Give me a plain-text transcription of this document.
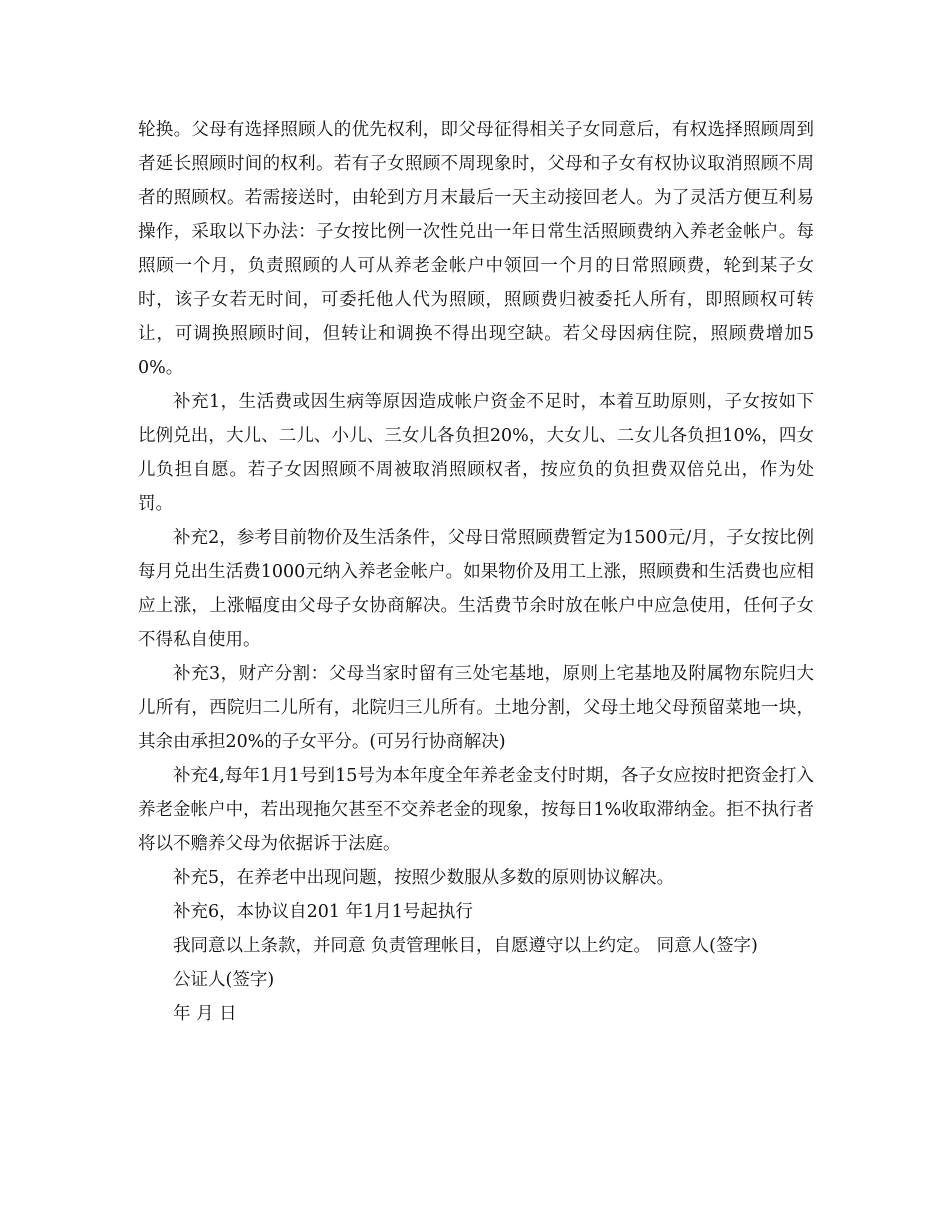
轮换。父母有选择照顾人的优先权利，即父母征得相关子女同意后，有权选择照顾周到者延长照顾时间的权利。若有子女照顾不周现象时，父母和子女有权协议取消照顾不周者的照顾权。若需接送时，由轮到方月末最后一天主动接回老人。为了灵活方便互利易操作，采取以下办法：子女按比例一次性兑出一年日常生活照顾费纳入养老金帐户。每照顾一个月，负责照顾的人可从养老金帐户中领回一个月的日常照顾费，轮到某子女时，该子女若无时间，可委托他人代为照顾，照顾费归被委托人所有，即照顾权可转让，可调换照顾时间，但转让和调换不得出现空缺。若父母因病住院，照顾费增加50%。

补充1，生活费或因生病等原因造成帐户资金不足时，本着互助原则，子女按如下比例兑出，大儿、二儿、小儿、三女儿各负担20%，大女儿、二女儿各负担10%，四女儿负担自愿。若子女因照顾不周被取消照顾权者，按应负的负担费双倍兑出，作为处罚。

补充2，参考目前物价及生活条件，父母日常照顾费暂定为1500元/月，子女按比例每月兑出生活费1000元纳入养老金帐户。如果物价及用工上涨，照顾费和生活费也应相应上涨，上涨幅度由父母子女协商解决。生活费节余时放在帐户中应急使用，任何子女不得私自使用。

补充3，财产分割：父母当家时留有三处宅基地，原则上宅基地及附属物东院归大儿所有，西院归二儿所有，北院归三儿所有。土地分割，父母土地父母预留菜地一块，其余由承担20%的子女平分。(可另行协商解决)

补充4,每年1月1号到15号为本年度全年养老金支付时期，各子女应按时把资金打入养老金帐户中，若出现拖欠甚至不交养老金的现象，按每日1%收取滞纳金。拒不执行者将以不赡养父母为依据诉于法庭。

补充5，在养老中出现问题，按照少数服从多数的原则协议解决。

补充6，本协议自201 年1月1号起执行

我同意以上条款，并同意 负责管理帐目，自愿遵守以上约定。 同意人(签字)

公证人(签字)

年 月 日
